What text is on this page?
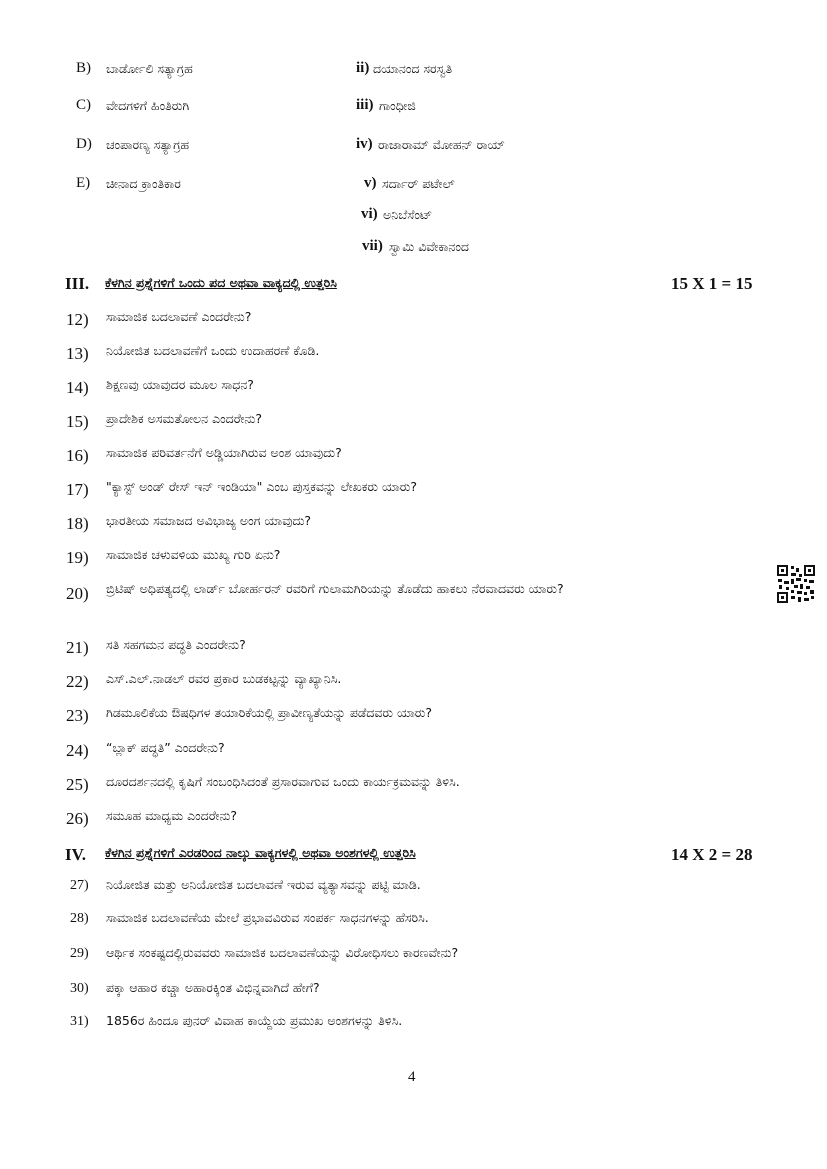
B) ಬಾರ್ಡೋಲಿ ಸತ್ಯಾಗ್ರಹ	ii) ದಯಾನಂದ ಸರಸ್ವತಿ
C) ವೇದಗಳಿಗೆ ಹಿಂತಿರುಗಿ	iii) ಗಾಂಧೀಜಿ
D) ಚಂಪಾರಣ್ಯ ಸತ್ಯಾಗ್ರಹ	iv) ರಾಜಾರಾಮ್ ಮೋಹನ್ ರಾಯ್
E) ಚೀನಾದ ಕ್ರಾಂತಿಕಾರ	v) ಸರ್ದಾರ್ ಪಟೇಲ್
vi) ಅನಿಬೆಸೆಂಟ್
vii) ಸ್ವಾಮಿ ವಿವೇಕಾನಂದ
III. ಕೆಳಗಿನ ಪ್ರಶ್ನೆಗಳಿಗೆ ಒಂದು ಪದ ಅಥವಾ ವಾಕ್ಯದಲ್ಲಿ ಉತ್ತರಿಸಿ	15 X 1 = 15
12) ಸಾಮಾಜಿಕ ಬದಲಾವಣೆ ಎಂದರೇನು?
13) ನಿಯೋಜಿತ ಬದಲಾವಣೆಗೆ ಒಂದು ಉದಾಹರಣೆ ಕೊಡಿ.
14) ಶಿಕ್ಷಣವು ಯಾವುದರ ಮೂಲ ಸಾಧನ?
15) ಪ್ರಾದೇಶಿಕ ಅಸಮತೋಲನ ಎಂದರೇನು?
16) ಸಾಮಾಜಿಕ ಪರಿವರ್ತನೆಗೆ ಅಡ್ಡಿಯಾಗಿರುವ ಅಂಶ ಯಾವುದು?
17) "ಕ್ಯಾಸ್ಟ್ ಅಂಡ್ ರೇಸ್ ಇನ್ ಇಂಡಿಯಾ" ಎಂಬ ಪುಸ್ತಕವನ್ನು ಲೇಖಕರು ಯಾರು?
18) ಭಾರತೀಯ ಸಮಾಜದ ಅವಿಭಾಜ್ಯ ಅಂಗ ಯಾವುದು?
19) ಸಾಮಾಜಿಕ ಚಳುವಳಿಯ ಮುಖ್ಯ ಗುರಿ ಏನು?
20) ಬ್ರಿಟಿಷ್ ಅಧಿಪತ್ಯದಲ್ಲಿ ಲಾರ್ಡ್ ಬೋರ್ಹರನ್ ರವರಿಗೆ ಗುಲಾಮಗಿರಿಯನ್ನು ತೊಡೆದು ಹಾಕಲು ನೆರವಾದವರು ಯಾರು?
21) ಸತಿ ಸಹಗಮನ ಪದ್ಧತಿ ಎಂದರೇನು?
22) ಎಸ್.ಎಲ್.ನಾಡಲ್ ರವರ ಪ್ರಕಾರ ಬುಡಕಟ್ಟನ್ನು ವ್ಯಾಖ್ಯಾನಿಸಿ.
23) ಗಿಡಮೂಲಿಕೆಯ ಔಷಧಿಗಳ ತಯಾರಿಕೆಯಲ್ಲಿ ಪ್ರಾವೀಣ್ಯತೆಯನ್ನು ಪಡೆದವರು ಯಾರು?
24) “ಬ್ಲಾಕ್ ಪದ್ಧತಿ” ಎಂದರೇನು?
25) ದೂರದರ್ಶನದಲ್ಲಿ ಕೃಷಿಗೆ ಸಂಬಂಧಿಸಿದಂತೆ ಪ್ರಸಾರವಾಗುವ ಒಂದು ಕಾರ್ಯಕ್ರಮವನ್ನು ತಿಳಿಸಿ.
26) ಸಮೂಹ ಮಾಧ್ಯಮ ಎಂದರೇನು?
IV. ಕೆಳಗಿನ ಪ್ರಶ್ನೆಗಳಿಗೆ ಎರಡರಿಂದ ನಾಲ್ಕು ವಾಕ್ಯಗಳಲ್ಲಿ ಅಥವಾ ಅಂಶಗಳಲ್ಲಿ ಉತ್ತರಿಸಿ	14 X 2 = 28
27) ನಿಯೋಜಿತ ಮತ್ತು ಅನಿಯೋಜಿತ ಬದಲಾವಣೆ ಇರುವ ವ್ಯತ್ಯಾಸವನ್ನು ಪಟ್ಟಿ ಮಾಡಿ.
28) ಸಾಮಾಜಿಕ ಬದಲಾವಣೆಯ ಮೇಲೆ ಪ್ರಭಾವವಿರುವ ಸಂಪರ್ಕ ಸಾಧನಗಳನ್ನು ಹೆಸರಿಸಿ.
29) ಆರ್ಥಿಕ ಸಂಕಷ್ಟದಲ್ಲಿರುವವರು ಸಾಮಾಜಿಕ ಬದಲಾವಣೆಯನ್ನು ವಿರೋಧಿಸಲು ಕಾರಣವೇನು?
30) ಪಕ್ಕಾ ಆಹಾರ ಕಚ್ಚಾ ಅಹಾರಕ್ಕಿಂತ ವಿಭಿನ್ನವಾಗಿದೆ ಹೇಗೆ?
31) 1856ರ ಹಿಂದೂ ಪುನರ್ ವಿವಾಹ ಕಾಯ್ದೆಯ ಪ್ರಮುಖ ಅಂಶಗಳನ್ನು ತಿಳಿಸಿ.
4
